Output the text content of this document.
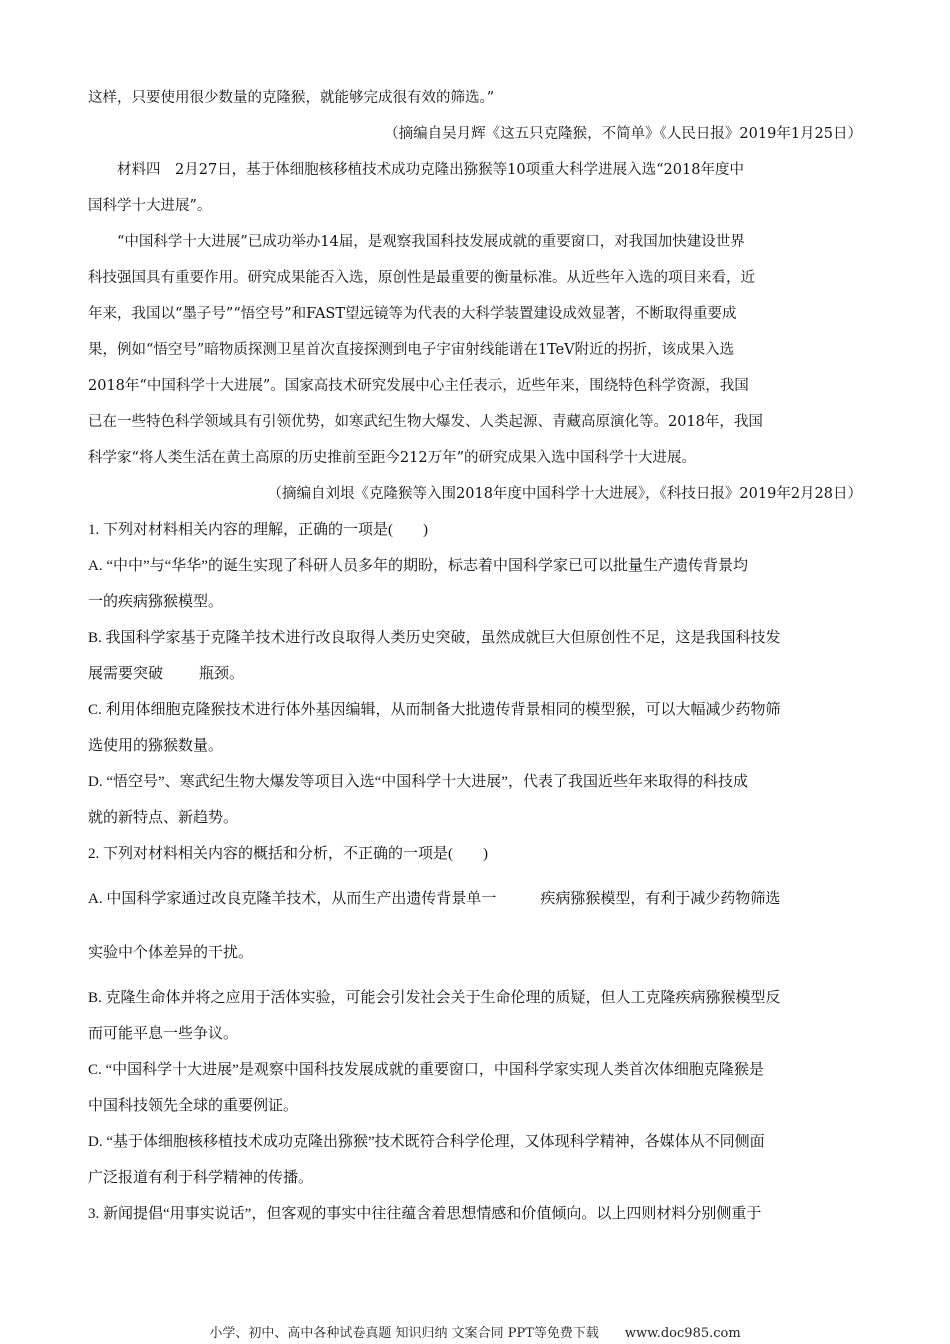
这样，只要使用很少数量的克隆猴，就能够完成很有效的筛选。”
（摘编自吴月辉《这五只克隆猴，不简单》《人民日报》2019年1月25日）
材料四　2月27日，基于体细胞核移植技术成功克隆出猕猴等10项重大科学进展入选“2018年度中
国科学十大进展”。
“中国科学十大进展”已成功举办14届，是观察我国科技发展成就的重要窗口，对我国加快建设世界
科技强国具有重要作用。研究成果能否入选，原创性是最重要的衡量标准。从近些年入选的项目来看，近
年来，我国以“墨子号”“悟空号”和FAST望远镜等为代表的大科学装置建设成效显著，不断取得重要成
果，例如“悟空号”暗物质探测卫星首次直接探测到电子宇宙射线能谱在1TeV附近的拐折，该成果入选
2018年“中国科学十大进展”。国家高技术研究发展中心主任表示，近些年来，围绕特色科学资源，我国
已在一些特色科学领域具有引领优势，如寒武纪生物大爆发、人类起源、青藏高原演化等。2018年，我国
科学家“将人类生活在黄土高原的历史推前至距今212万年”的研究成果入选中国科学十大进展。
（摘编自刘垠《克隆猴等入围2018年度中国科学十大进展》，《科技日报》2019年2月28日）
1. 下列对材料相关内容的理解，正确的一项是(　　)
A. “中中”与“华华”的诞生实现了科研人员多年的期盼，标志着中国科学家已可以批量生产遗传背景均
一的疾病猕猴模型。
B. 我国科学家基于克隆羊技术进行改良取得人类历史突破，虽然成就巨大但原创性不足，这是我国科技发
展需要突破 瓶颈。
C. 利用体细胞克隆猴技术进行体外基因编辑，从而制备大批遗传背景相同的模型猴，可以大幅减少药物筛
选使用的猕猴数量。
D. “悟空号”、寒武纪生物大爆发等项目入选“中国科学十大进展”，代表了我国近些年来取得的科技成
就的新特点、新趋势。
2. 下列对材料相关内容的概括和分析，不正确的一项是(　　)
A. 中国科学家通过改良克隆羊技术，从而生产出遗传背景单一	疾病猕猴模型，有利于减少药物筛选
实验中个体差异的干扰。
B. 克隆生命体并将之应用于活体实验，可能会引发社会关于生命伦理的质疑，但人工克隆疾病猕猴模型反
而可能平息一些争议。
C. “中国科学十大进展”是观察中国科技发展成就的重要窗口，中国科学家实现人类首次体细胞克隆猴是
中国科技领先全球的重要例证。
D. “基于体细胞核移植技术成功克隆出猕猴”技术既符合科学伦理，又体现科学精神，各媒体从不同侧面
广泛报道有利于科学精神的传播。
3. 新闻提倡“用事实说话”，但客观的事实中往往蕴含着思想情感和价值倾向。以上四则材料分别侧重于
小学、初中、高中各种试卷真题 知识归纳 文案合同 PPT等免费下载　　www.doc985.com
